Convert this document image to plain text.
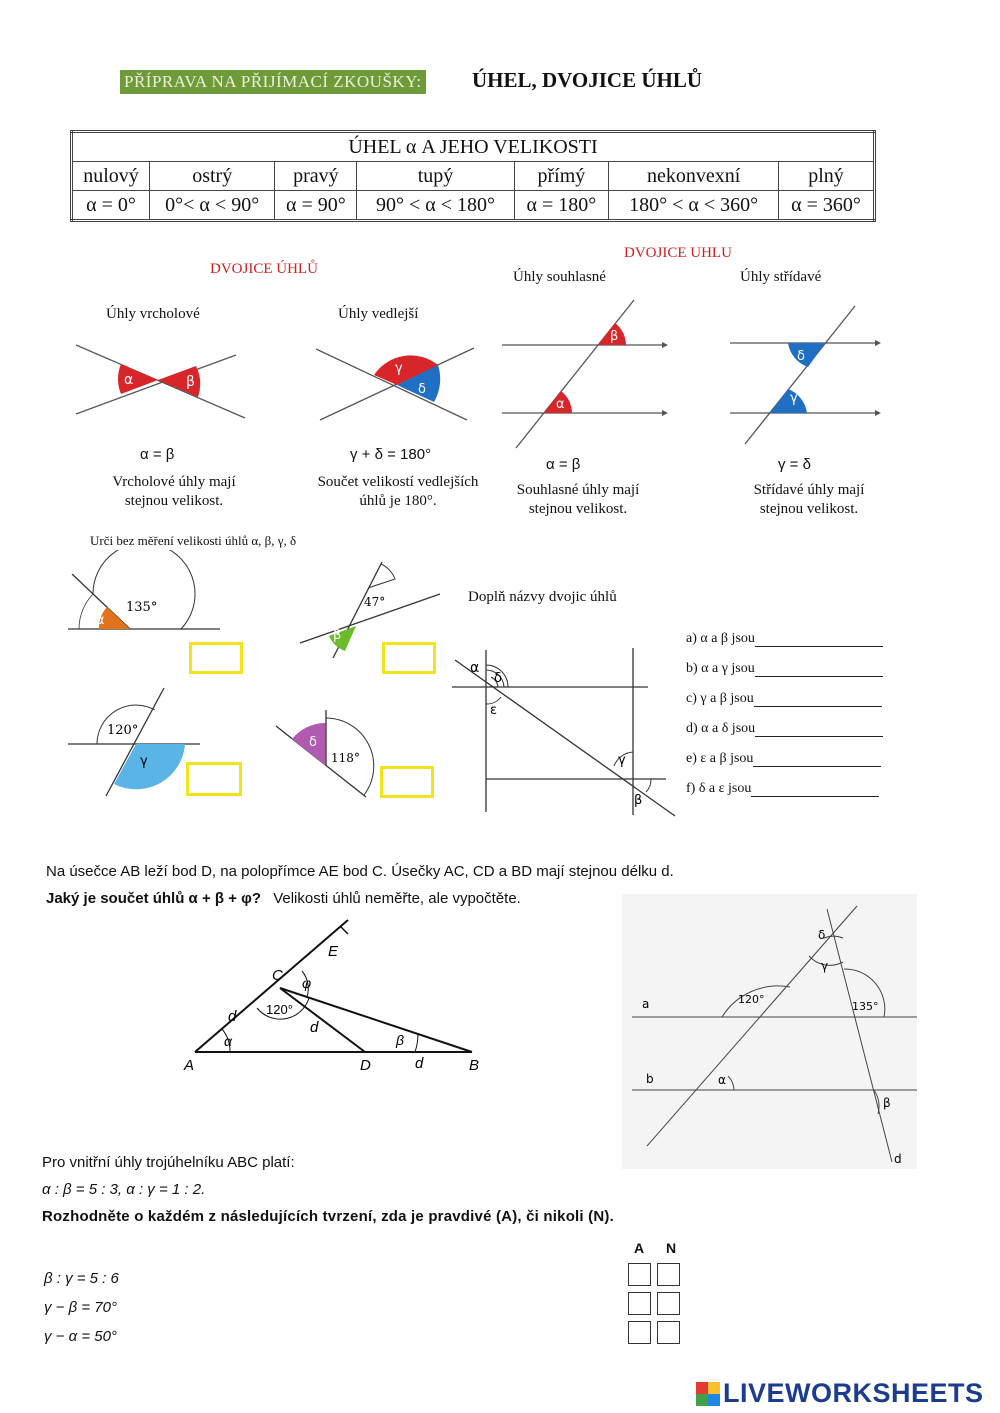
PŘÍPRAVA NA PŘIJÍMACÍ ZKOUŠKY: ÚHEL, DVOJICE ÚHLŮ
ÚHEL α A JEHO VELIKOSTI						
nulový	ostrý	pravý	tupý	přímý	nekonvexní	plný
α = 0°	0°< α < 90°	α = 90°	90° < α < 180°	α = 180°	180° < α < 360°	α = 360°
DVOJICE ÚHLŮ
DVOJICE UHLU
Úhly vrcholové	Úhly vedlejší
Úhly souhlasné	Úhly střídavé
α	β
γ
δ
β
α
δ
γ
α = β	γ + δ = 180°
α = β	γ = δ
Vrcholové úhly mají
stejnou velikost.
Součet velikostí vedlejších
úhlů je 180°.
Souhlasné úhly mají
stejnou velikost.
Střídavé úhly mají
stejnou velikost.
Urči bez měření velikosti úhlů α, β, γ, δ
135°
α
47°
β
120°
γ	118°
δ
Doplň názvy dvojic úhlů
α
δ
ε
γ
β
a) α a β jsou
b) α a γ jsou
c) γ a β jsou
d) α a δ jsou
e) ε a β jsou
f) δ a ε jsou
Na úsečce AB leží bod D, na polopřímce AE bod C. Úsečky AC, CD a BD mají stejnou délku d.
Jaký je součet úhlů α + β + φ? Velikosti úhlů neměřte, ale vypočtěte.
E
C
A	D	B
d
d
d
α	β
φ
120°	a
b
d
120°
135°
α
β
γ
δ
Pro vnitřní úhly trojúhelníku ABC platí:
α : β = 5 : 3, α : γ = 1 : 2.
Rozhodněte o každém z následujících tvrzení, zda je pravdivé (A), či nikoli (N).
A N
β : γ = 5 : 6
γ − β = 70°
γ − α = 50°
LIVEWORKSHEETS
